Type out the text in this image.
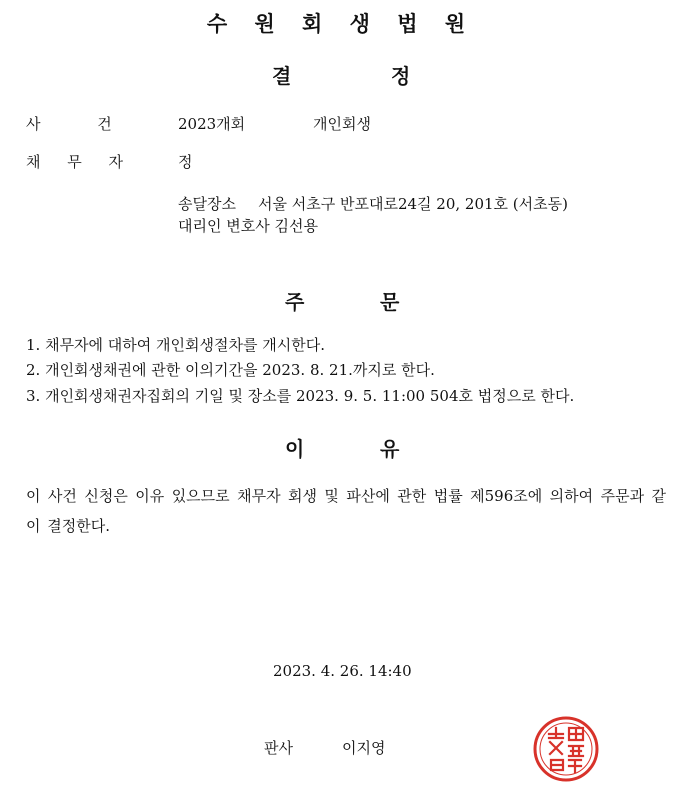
수 원 회 생 법 원
결	정
사 건	2023개회	개인회생
채 무 자	정
송달장소 서울 서초구 반포대로24길 20, 201호 (서초동)
대리인 변호사 김선용
주	문
1. 채무자에 대하여 개인회생절차를 개시한다.
2. 개인회생채권에 관한 이의기간을 2023. 8. 21.까지로 한다.
3. 개인회생채권자집회의 기일 및 장소를 2023. 9. 5. 11:00 504호 법정으로 한다.
이	유
이 사건 신청은 이유 있으므로 채무자 회생 및 파산에 관한 법률 제596조에 의하여 주문과 같이 결정한다.
2023. 4. 26. 14:40
판사	이지영
